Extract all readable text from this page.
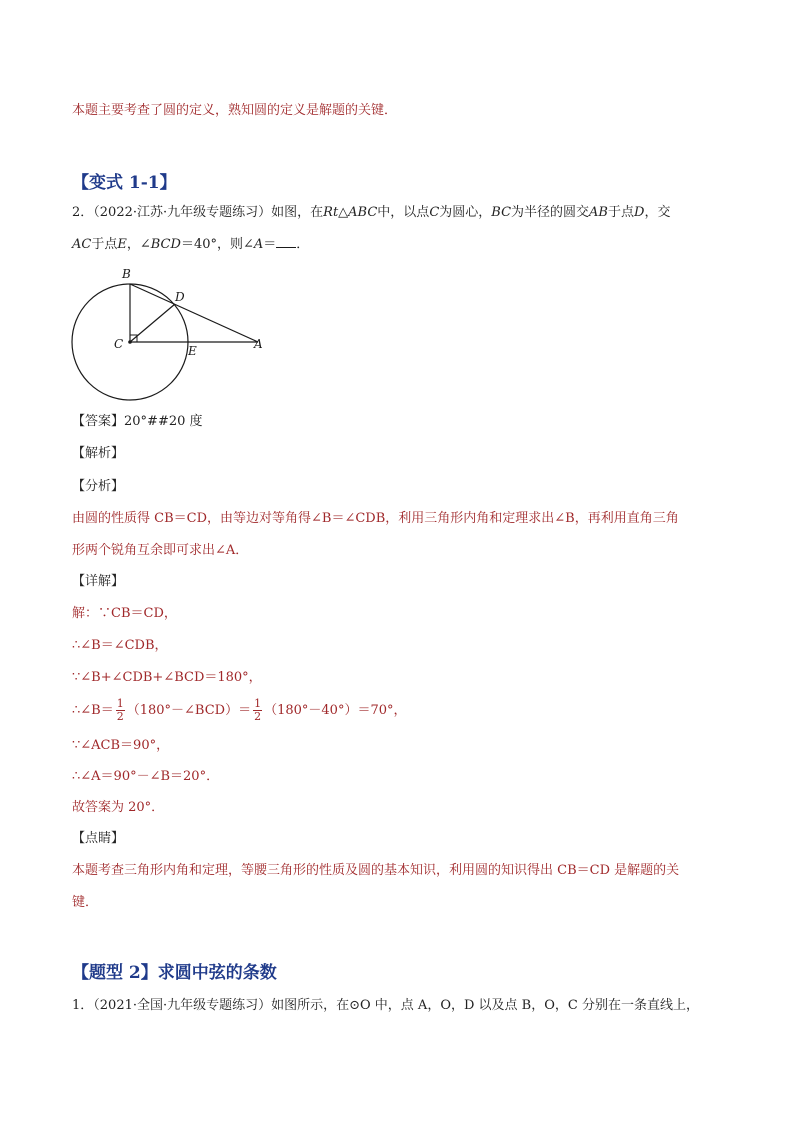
本题主要考查了圆的定义，熟知圆的定义是解题的关键．
【变式 1-1】
2．（2022·江苏·九年级专题练习）如图，在Rt△ABC中，以点C为圆心，BC为半径的圆交AB于点D，交
AC于点E，∠BCD＝40°，则∠A＝ ．
B
D
C	E	A
【答案】20°##20 度
【解析】
【分析】
由圆的性质得 CB＝CD，由等边对等角得∠B＝∠CDB，利用三角形内角和定理求出∠B，再利用直角三角
形两个锐角互余即可求出∠A．
【详解】
解：∵CB＝CD，
∴∠B＝∠CDB，
∵∠B+∠CDB+∠BCD＝180°，
∴∠B＝ $\frac{1}{2}$ （180°－∠BCD）＝ $\frac{1}{2} (180^\circ-40^\circ)=70^\circ$，
∵∠ACB＝90°，
∴∠A＝90°－∠B＝20°．
故答案为 20°．
【点睛】
本题考查三角形内角和定理，等腰三角形的性质及圆的基本知识，利用圆的知识得出 CB＝CD 是解题的关
键．
【题型 2】求圆中弦的条数
1．（2021·全国·九年级专题练习）如图所示，在⊙O 中，点 A，O，D 以及点 B，O，C 分别在一条直线上，
